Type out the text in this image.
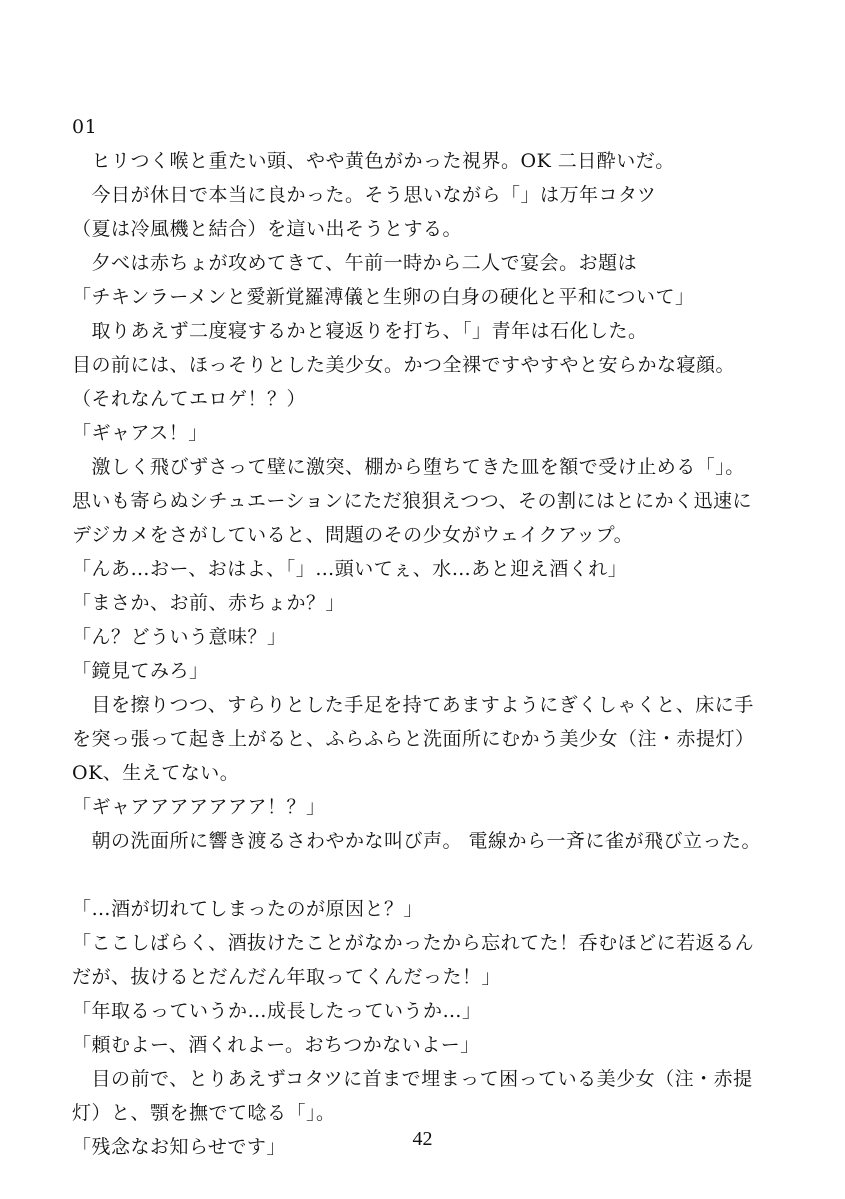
01
　ヒリつく喉と重たい頭、やや黄色がかった視界。OK 二日酔いだ。
　今日が休日で本当に良かった。そう思いながら「」は万年コタツ
（夏は冷風機と結合）を這い出そうとする。
　夕べは赤ちょが攻めてきて、午前一時から二人で宴会。お題は
「チキンラーメンと愛新覚羅溥儀と生卵の白身の硬化と平和について」
　取りあえず二度寝するかと寝返りを打ち、「」青年は石化した。
目の前には、ほっそりとした美少女。かつ全裸ですやすやと安らかな寝顔。
（それなんてエロゲ！？）
「ギャアス！」
　激しく飛びずさって壁に激突、棚から堕ちてきた皿を額で受け止める「」。
思いも寄らぬシチュエーションにただ狼狽えつつ、その割にはとにかく迅速に
デジカメをさがしていると、問題のその少女がウェイクアップ。
「んあ…おー、おはよ、「」…頭いてぇ、水…あと迎え酒くれ」
「まさか、お前、赤ちょか？」
「ん？どういう意味？」
「鏡見てみろ」
　目を擦りつつ、すらりとした手足を持てあますようにぎくしゃくと、床に手
を突っ張って起き上がると、ふらふらと洗面所にむかう美少女（注・赤提灯）
OK、生えてない。
「ギャアアアアアアア！？」
　朝の洗面所に響き渡るさわやかな叫び声。 電線から一斉に雀が飛び立った。
「…酒が切れてしまったのが原因と？」
「ここしばらく、酒抜けたことがなかったから忘れてた！呑むほどに若返るん
だが、抜けるとだんだん年取ってくんだった！」
「年取るっていうか…成長したっていうか…」
「頼むよー、酒くれよー。おちつかないよー」
　目の前で、とりあえずコタツに首まで埋まって困っている美少女（注・赤提
灯）と、顎を撫でて唸る「」。
「残念なお知らせです」	42
